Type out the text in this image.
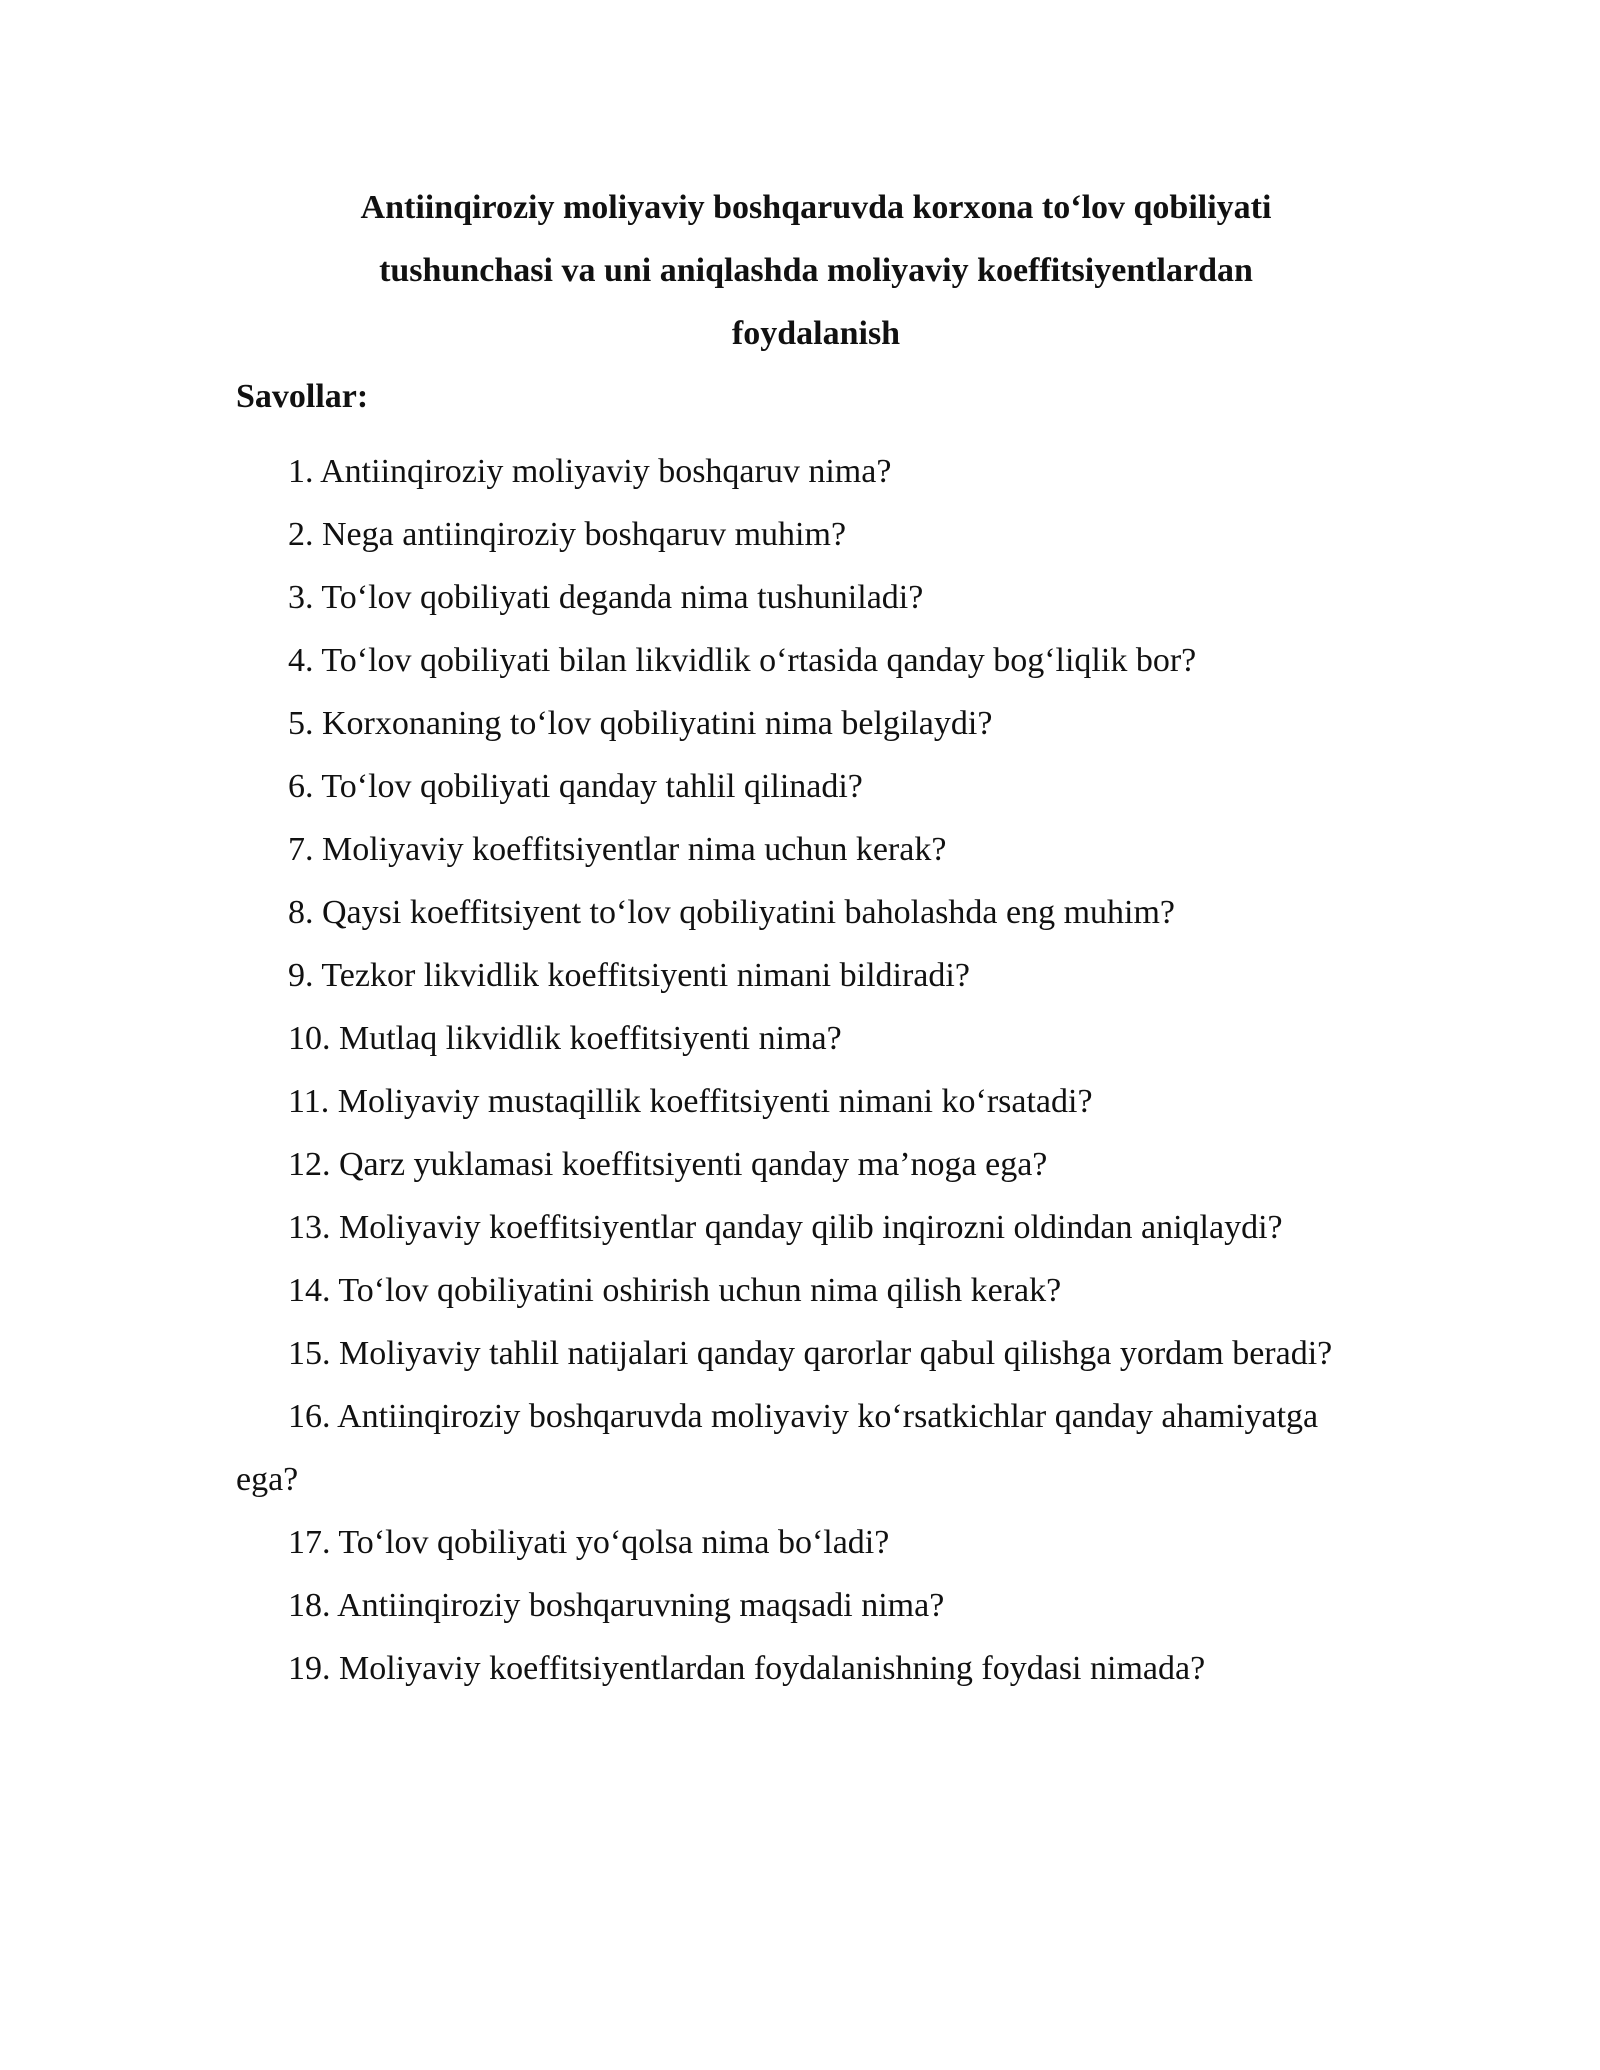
Antiinqiroziy moliyaviy boshqaruvda korxona to‘lov qobiliyati tushunchasi va uni aniqlashda moliyaviy koeffitsiyentlardan foydalanish
Savollar:
1. Antiinqiroziy moliyaviy boshqaruv nima?
2. Nega antiinqiroziy boshqaruv muhim?
3. To‘lov qobiliyati deganda nima tushuniladi?
4. To‘lov qobiliyati bilan likvidlik o‘rtasida qanday bog‘liqlik bor?
5. Korxonaning to‘lov qobiliyatini nima belgilaydi?
6. To‘lov qobiliyati qanday tahlil qilinadi?
7. Moliyaviy koeffitsiyentlar nima uchun kerak?
8. Qaysi koeffitsiyent to‘lov qobiliyatini baholashda eng muhim?
9. Tezkor likvidlik koeffitsiyenti nimani bildiradi?
10. Mutlaq likvidlik koeffitsiyenti nima?
11. Moliyaviy mustaqillik koeffitsiyenti nimani ko‘rsatadi?
12. Qarz yuklamasi koeffitsiyenti qanday ma’noga ega?
13. Moliyaviy koeffitsiyentlar qanday qilib inqirozni oldindan aniqlaydi?
14. To‘lov qobiliyatini oshirish uchun nima qilish kerak?
15. Moliyaviy tahlil natijalari qanday qarorlar qabul qilishga yordam beradi?
16. Antiinqiroziy boshqaruvda moliyaviy ko‘rsatkichlar qanday ahamiyatga ega?
17. To‘lov qobiliyati yo‘qolsa nima bo‘ladi?
18. Antiinqiroziy boshqaruvning maqsadi nima?
19. Moliyaviy koeffitsiyentlardan foydalanishning foydasi nimada?
